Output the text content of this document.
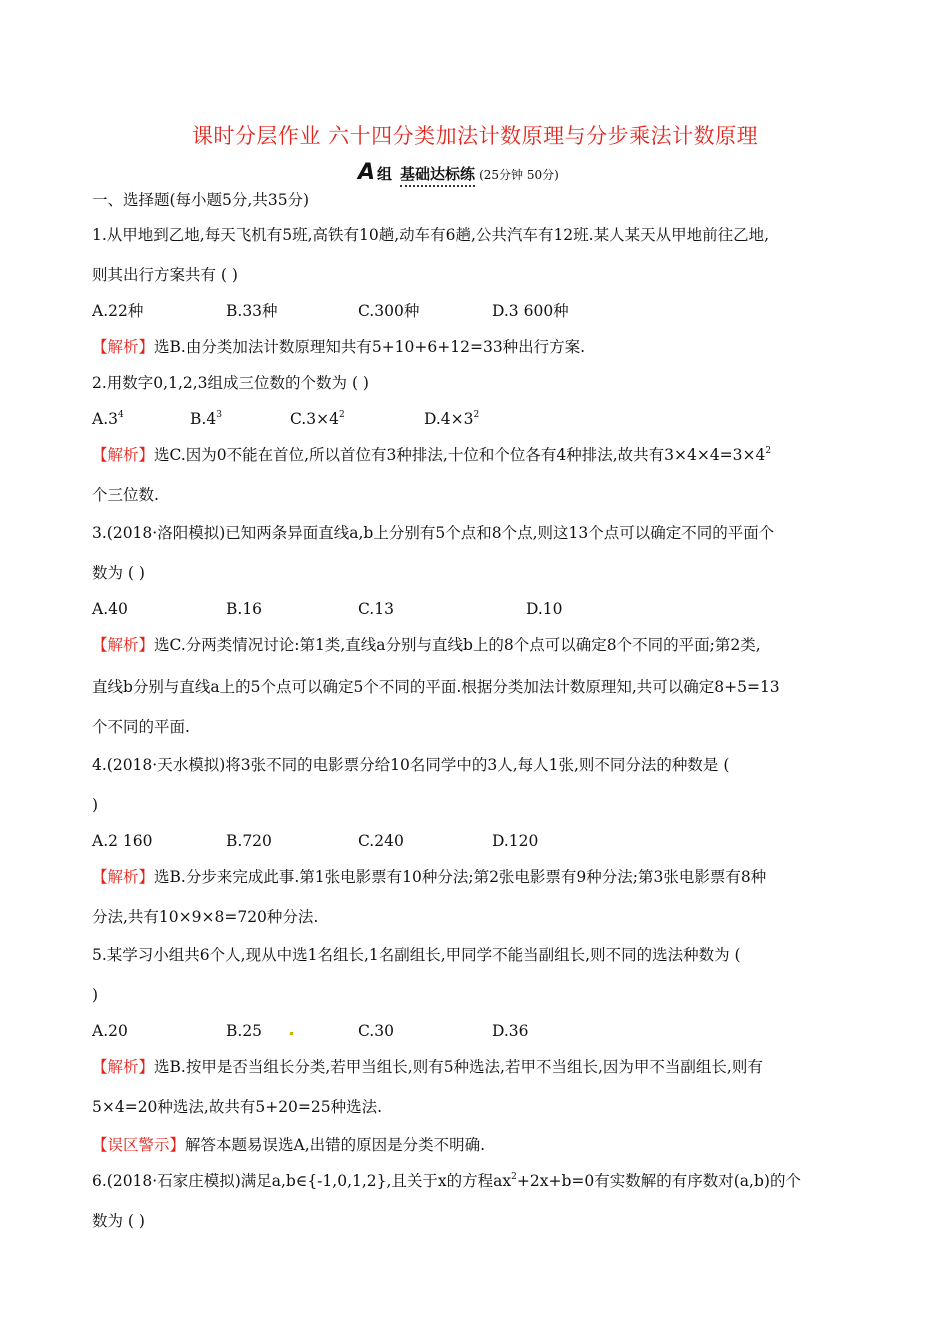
课时分层作业 六十四分类加法计数原理与分步乘法计数原理
A 组 基础达标练 (25分钟 50分)
一、选择题(每小题5分,共35分)
1.从甲地到乙地,每天飞机有5班,高铁有10趟,动车有6趟,公共汽车有12班.某人某天从甲地前往乙地,
则其出行方案共有 ( )
A.22种	B.33种	C.300种	D.3 600种
【解析】选B.由分类加法计数原理知共有5+10+6+12=33种出行方案.
2.用数字0,1,2,3组成三位数的个数为 ( )
$A.3^4$	$B.4^3$	$C.3\times 4^2$	$D.4\times 3^2$
【解析】选C.因为0不能在首位,所以首位有3种排法,十位和个位各有4种排法,故共有$3\times 4\times 4=3\times 4^2$
个三位数.
3.(2018·洛阳模拟)已知两条异面直线a,b上分别有5个点和8个点,则这13个点可以确定不同的平面个
数为 ( )
A.40	B.16	C.13	D.10
【解析】选C.分两类情况讨论:第1类,直线a分别与直线b上的8个点可以确定8个不同的平面;第2类,
直线b分别与直线a上的5个点可以确定5个不同的平面.根据分类加法计数原理知,共可以确定8+5=13
个不同的平面.
4.(2018·天水模拟)将3张不同的电影票分给10名同学中的3人,每人1张,则不同分法的种数是 (
)
A.2 160	B.720	C.240	D.120
【解析】选B.分步来完成此事.第1张电影票有10种分法;第2张电影票有9种分法;第3张电影票有8种
分法,共有10×9×8=720种分法.
5.某学习小组共6个人,现从中选1名组长,1名副组长,甲同学不能当副组长,则不同的选法种数为 (
)
A.20	B.25	C.30	D.36
【解析】选B.按甲是否当组长分类,若甲当组长,则有5种选法,若甲不当组长,因为甲不当副组长,则有
5×4=20种选法,故共有5+20=25种选法.
【误区警示】解答本题易误选A,出错的原因是分类不明确.
6.(2018·石家庄模拟)满足a,b∈{-1,0,1,2},且关于x的方程$ax^2+2x+b=0$有实数解的有序数对(a,b)的个
数为 ( )
